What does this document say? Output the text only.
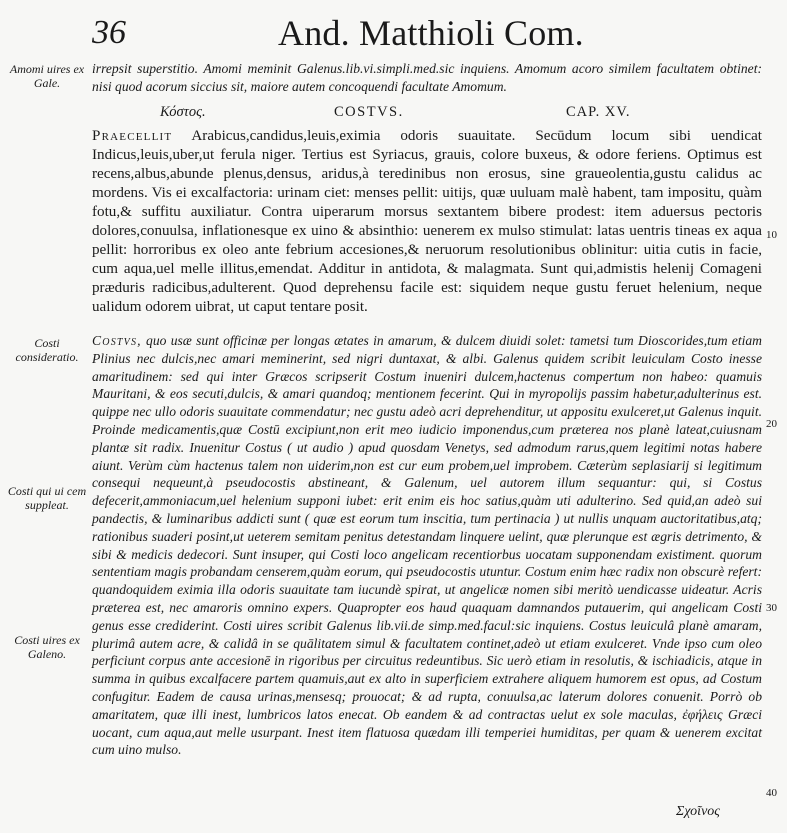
36	And. Matthioli Com.
Amomi uires ex Gale.
Costi consideratio.
Costi qui ui cem suppleat.
Costi uires ex Galeno.

irrepsit superstitio. Amomi meminit Galenus.lib.vi.simpli.med.sic inquiens. Amomum acoro similem facultatem obtinet: nisi quod acorum siccius sit, maiore autem concoquendi facultate Amomum.

Κόστος.	COSTVS.	CAP. XV.

Praecellit Arabicus,candidus,leuis,eximia odoris suauitate. Secūdum locum sibi uendicat Indicus,leuis,uber,ut ferula niger. Tertius est Syriacus, grauis, colore buxeus, & odore feriens. Optimus est recens,albus,abunde plenus,densus, aridus,à teredinibus non erosus, sine graueolentia,gustu calidus ac mordens. Vis ei excalfactoria: urinam ciet: menses pellit: uitijs, quæ uuluam malè habent, tam impositu, quàm fotu,& suffitu auxiliatur. Contra uiperarum morsus sextantem bibere prodest: item aduersus pectoris dolores,conuulsa, inflationesque ex uino & absinthio: uenerem ex mulso stimulat: latas uentris tineas ex aqua pellit: horroribus ex oleo ante febrium accesiones,& neruorum resolutionibus oblinitur: uitia cutis in facie, cum aqua,uel melle illitus,emendat. Additur in antidota, & malagmata. Sunt qui,admistis helenij Comageni præduris radicibus,adulterent. Quod deprehensu facile est: siquidem neque gustu feruet helenium, neque ualidum odorem uibrat, ut caput tentare posit.

Costvs, quo usæ sunt officinæ per longas ætates in amarum, & dulcem diuidi solet: tametsi tum Dioscorides,tum etiam Plinius nec dulcis,nec amari meminerint, sed nigri duntaxat, & albi. Galenus quidem scribit leuiculam Costo inesse amaritudinem: sed qui inter Græcos scripserit Costum inueniri dulcem,hactenus compertum non habeo: quamuis Mauritani, & eos secuti,dulcis, & amari quandoq; mentionem fecerint. Qui in myropolijs passim habetur,adulterinus est. quippe nec ullo odoris suauitate commendatur; nec gustu adeò acri deprehenditur, ut appositu exulceret,ut Galenus inquit. Proinde medicamentis,quæ Costū excipiunt,non erit meo iudicio imponendus,cum præterea nos planè lateat,cuiusnam plantæ sit radix. Inuenitur Costus ( ut audio ) apud quosdam Venetys, sed admodum rarus,quem legitimi notas habere aiunt. Verùm cùm hactenus talem non uiderim,non est cur eum probem,uel improbem. Cæterùm seplasiarij si legitimum consequi nequeunt,à pseudocostis abstineant, & Galenum, uel autorem illum sequantur: qui, si Costus defecerit,ammoniacum,uel helenium supponi iubet: erit enim eis hoc satius,quàm uti adulterino. Sed quid,an adeò sui pandectis, & luminaribus addicti sunt ( quæ est eorum tum inscitia, tum pertinacia ) ut nullis unquam auctoritatibus,atq; rationibus suaderi posint,ut ueterem semitam penitus detestandam linquere uelint, quæ plerunque est ægris detrimento, & sibi & medicis dedecori. Sunt insuper, qui Costi loco angelicam recentiorbus uocatam supponendam existiment. quorum sententiam magis probandam censerem,quàm eorum, qui pseudocostis utuntur. Costum enim hæc radix non obscurè refert: quandoquidem eximia illa odoris suauitate tam iucundè spirat, ut angelicæ nomen sibi meritò uendicasse uideatur. Acris præterea est, nec amaroris omnino expers. Quapropter eos haud quaquam damnandos putauerim, qui angelicam Costi genus esse crediderint. Costi uires scribit Galenus lib.vii.de simp.med.facul:sic inquiens. Costus leuiculâ planè amaram, plurimâ autem acre, & calidâ in se quālitatem simul & facultatem continet,adeò ut etiam exulceret. Vnde ipso cum oleo perficiunt corpus ante accesionē in rigoribus per circuitus redeuntibus. Sic uerò etiam in resolutis, & ischiadicis, atque in summa in quibus excalfacere partem quamuis,aut ex alto in superficiem extrahere aliquem humorem est opus, ad Costum confugitur. Eadem de causa urinas,mensesq; prouocat; & ad rupta, conuulsa,ac laterum dolores conuenit. Porrò ob amaritatem, quæ illi inest, lumbricos latos enecat. Ob eandem & ad contractas uelut ex sole maculas, ἐφήλεις Græci uocant, cum aqua,aut melle usurpant. Inest item flatuosa quædam illi temperiei humiditas, per quam & uenerem excitat cum uino mulso.

10
20
30
40
Σχοῖνος
